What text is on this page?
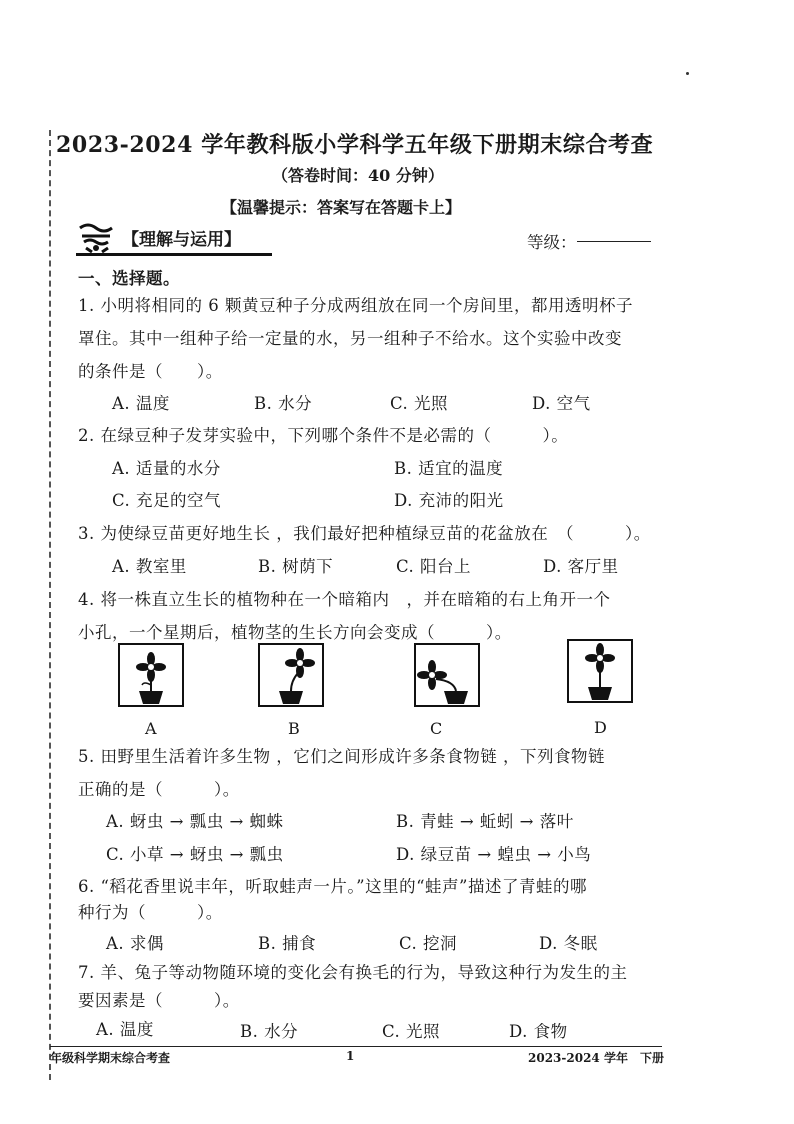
2023-2024 学年教科版小学科学五年级下册期末综合考查
（答卷时间：40 分钟）
【温馨提示：答案写在答题卡上】
【理解与运用】	等级：
一、选择题。
1. 小明将相同的 6 颗黄豆种子分成两组放在同一个房间里，都用透明杯子
罩住。其中一组种子给一定量的水，另一组种子不给水。这个实验中改变
的条件是（　　）。
A. 温度	B. 水分	C. 光照	D. 空气
2. 在绿豆种子发芽实验中，下列哪个条件不是必需的（　　　）。
A. 适量的水分	B. 适宜的温度
C. 充足的空气	D. 充沛的阳光
3. 为使绿豆苗更好地生长 ，我们最好把种植绿豆苗的花盆放在　（　　　）。
A. 教室里	B. 树荫下	C. 阳台上	D. 客厅里
4. 将一株直立生长的植物种在一个暗箱内　，并在暗箱的右上角开一个
小孔，一个星期后，植物茎的生长方向会变成（　　　）。
A	B	C	D
5. 田野里生活着许多生物 ，它们之间形成许多条食物链 ，下列食物链
正确的是（　　　）。
A. 蚜虫 → 瓢虫 → 蜘蛛	B. 青蛙 → 蚯蚓 → 落叶
C. 小草 → 蚜虫 → 瓢虫	D. 绿豆苗 → 蝗虫 → 小鸟
6. “稻花香里说丰年，听取蛙声一片。”这里的“蛙声”描述了青蛙的哪
种行为（　　　）。
A. 求偶	B. 捕食	C. 挖洞	D. 冬眠
7. 羊、兔子等动物随环境的变化会有换毛的行为，导致这种行为发生的主
要因素是（　　　）。
A. 温度	B. 水分	C. 光照	D. 食物
年级科学期末综合考查	1	2023-2024 学年　下册
